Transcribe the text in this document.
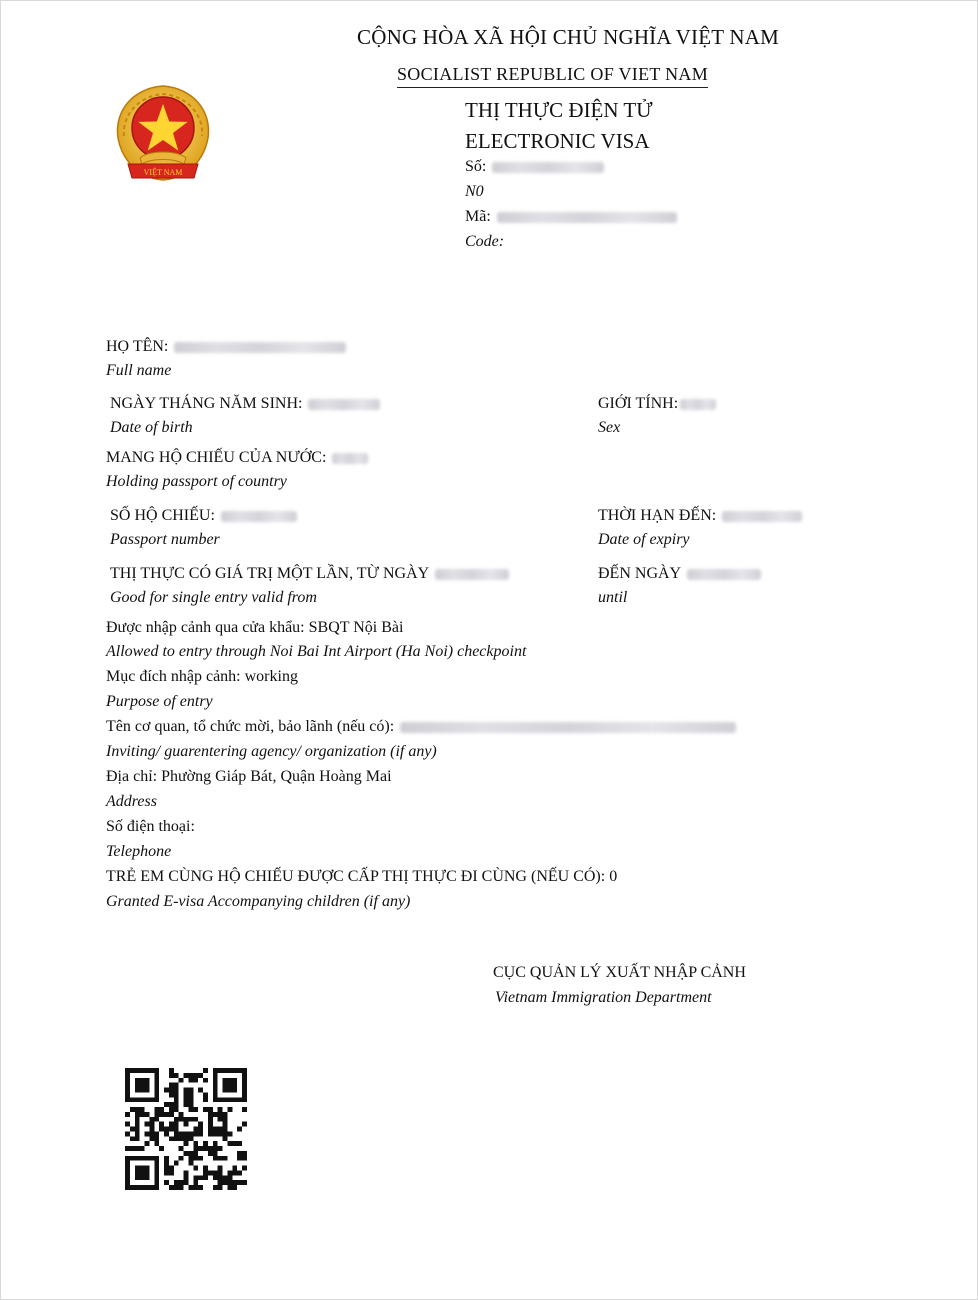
VIỆT NAM
CỘNG HÒA XÃ HỘI CHỦ NGHĨA VIỆT NAM
SOCIALIST REPUBLIC OF VIET NAM
THỊ THỰC ĐIỆN TỬ
ELECTRONIC VISA
Số:
N0
Mã:
Code:
HỌ TÊN:
Full name
NGÀY THÁNG NĂM SINH:
Date of birth
GIỚI TÍNH:
Sex
MANG HỘ CHIẾU CỦA NƯỚC:
Holding passport of country
SỐ HỘ CHIẾU:
Passport number
THỜI HẠN ĐẾN:
Date of expiry
THỊ THỰC CÓ GIÁ TRỊ MỘT LẦN, TỪ NGÀY
Good for single entry valid from
ĐẾN NGÀY
until
Được nhập cảnh qua cửa khẩu: SBQT Nội Bài
Allowed to entry through Noi Bai Int Airport (Ha Noi) checkpoint
Mục đích nhập cảnh: working
Purpose of entry
Tên cơ quan, tổ chức mời, bảo lãnh (nếu có):
Inviting/ guarentering agency/ organization (if any)
Địa chỉ: Phường Giáp Bát, Quận Hoàng Mai
Address
Số điện thoại:
Telephone
TRẺ EM CÙNG HỘ CHIẾU ĐƯỢC CẤP THỊ THỰC ĐI CÙNG (NẾU CÓ): 0
Granted E-visa Accompanying children (if any)
CỤC QUẢN LÝ XUẤT NHẬP CẢNH
Vietnam Immigration Department
